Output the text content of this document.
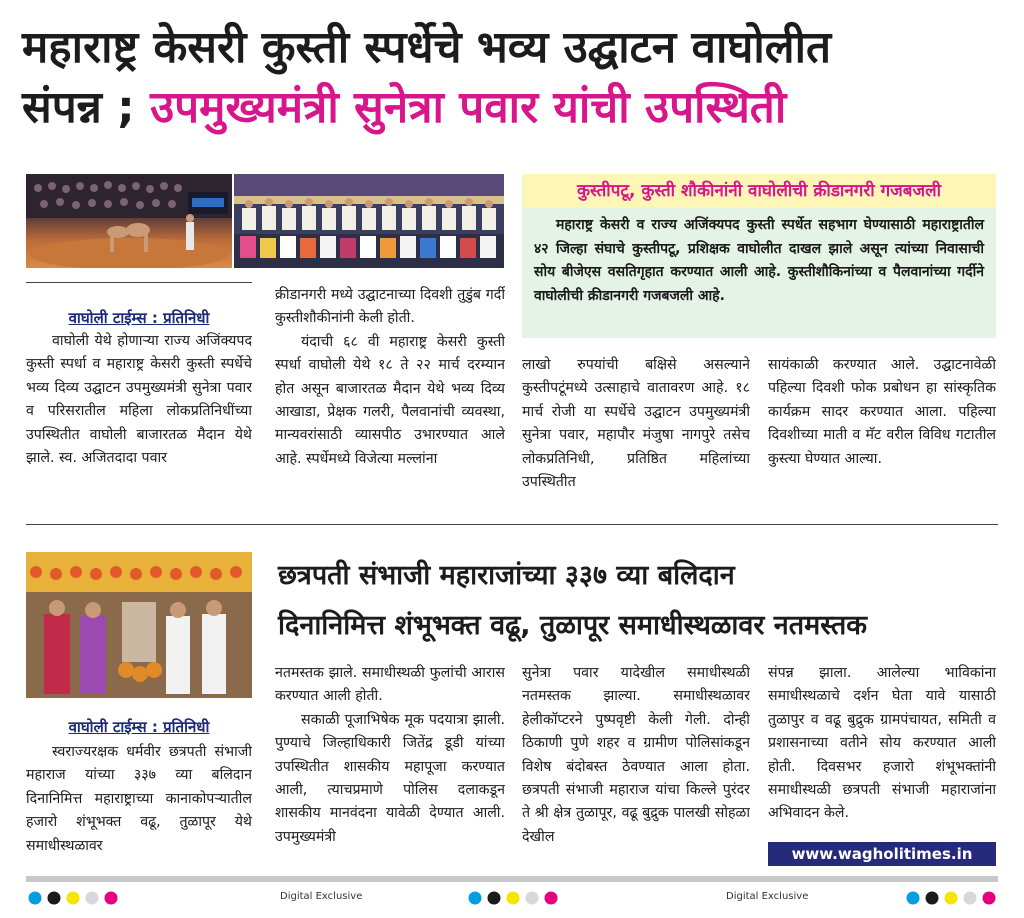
महाराष्ट्र केसरी कुस्ती स्पर्धेचे भव्य उद्घाटन वाघोलीत
संपन्न ; उपमुख्यमंत्री सुनेत्रा पवार यांची उपस्थिती
कुस्तीपटू, कुस्ती शौकीनांनी वाघोलीची क्रीडानगरी गजबजली

महाराष्ट्र केसरी व राज्य अजिंक्यपद कुस्ती स्पर्धेत सहभाग घेण्यासाठी महाराष्ट्रातील ४२ जिल्हा संघाचे कुस्तीपटू, प्रशिक्षक वाघोलीत दाखल झाले असून त्यांच्या निवासाची सोय बीजेएस वसतिगृहात करण्यात आली आहे. कुस्तीशौकिनांच्या व पैलवानांच्या गर्दीने वाघोलीची क्रीडानगरी गजबजली आहे.

वाघोली टाईम्स : प्रतिनिधी
वाघोली येथे होणाऱ्या राज्य अजिंक्यपद कुस्ती स्पर्धा व महाराष्ट्र केसरी कुस्ती स्पर्धेचे भव्य दिव्य उद्घाटन उपमुख्यमंत्री सुनेत्रा पवार व परिसरातील महिला लोकप्रतिनिधींच्या उपस्थितीत वाघोली बाजारतळ मैदान येथे झाले. स्व. अजितदादा पवार

क्रीडानगरी मध्ये उद्घाटनाच्या दिवशी तुडुंब गर्दी कुस्तीशौकीनांनी केली होती.

यंदाची ६८ वी महाराष्ट्र केसरी कुस्ती स्पर्धा वाघोली येथे १८ ते २२ मार्च दरम्यान होत असून बाजारतळ मैदान येथे भव्य दिव्य आखाडा, प्रेक्षक गलरी, पैलवानांची व्यवस्था, मान्यवरांसाठी व्यासपीठ उभारण्यात आले आहे. स्पर्धेमध्ये विजेत्या मल्लांना

लाखो रुपयांची बक्षिसे असल्याने कुस्तीपटूंमध्ये उत्साहाचे वातावरण आहे. १८ मार्च रोजी या स्पर्धेचे उद्घाटन उपमुख्यमंत्री सुनेत्रा पवार, महापौर मंजुषा नागपुरे तसेच लोकप्रतिनिधी, प्रतिष्ठित महिलांच्या उपस्थितीत
सायंकाळी करण्यात आले. उद्घाटनावेळी पहिल्या दिवशी फोक प्रबोधन हा सांस्कृतिक कार्यक्रम सादर करण्यात आला. पहिल्या दिवशीच्या माती व मॅट वरील विविध गटातील कुस्त्या घेण्यात आल्या.
छत्रपती संभाजी महाराजांच्या ३३७ व्या बलिदान
दिनानिमित्त शंभूभक्त वढू, तुळापूर समाधीस्थळावर नतमस्तक
वाघोली टाईम्स : प्रतिनिधी
स्वराज्यरक्षक धर्मवीर छत्रपती संभाजी महाराज यांच्या ३३७ व्या बलिदान दिनानिमित्त महाराष्ट्राच्या कानाकोपऱ्यातील हजारो शंभूभक्त वढू, तुळापूर येथे समाधीस्थळावर

नतमस्तक झाले. समाधीस्थळी फुलांची आरास करण्यात आली होती.

सकाळी पूजाभिषेक मूक पदयात्रा झाली. पुण्याचे जिल्हाधिकारी जितेंद्र डूडी यांच्या उपस्थितीत शासकीय महापूजा करण्यात आली, त्याचप्रमाणे पोलिस दलाकडून शासकीय मानवंदना यावेळी देण्यात आली. उपमुख्यमंत्री

सुनेत्रा पवार यादेखील समाधीस्थळी नतमस्तक झाल्या. समाधीस्थळावर हेलीकॉप्टरने पुष्पवृष्टी केली गेली. दोन्ही ठिकाणी पुणे शहर व ग्रामीण पोलिसांकडून विशेष बंदोबस्त ठेवण्यात आला होता. छत्रपती संभाजी महाराज यांचा किल्ले पुरंदर ते श्री क्षेत्र तुळापूर, वढू बुद्रुक पालखी सोहळा देखील
संपन्न झाला. आलेल्या भाविकांना समाधीस्थळाचे दर्शन घेता यावे यासाठी तुळापुर व वढू बुद्रुक ग्रामपंचायत, समिती व प्रशासनाच्या वतीने सोय करण्यात आली होती. दिवसभर हजारो शंभूभक्तांनी समाधीस्थळी छत्रपती संभाजी महाराजांना अभिवादन केले.
www.wagholitimes.in
Digital Exclusive	Digital Exclusive
